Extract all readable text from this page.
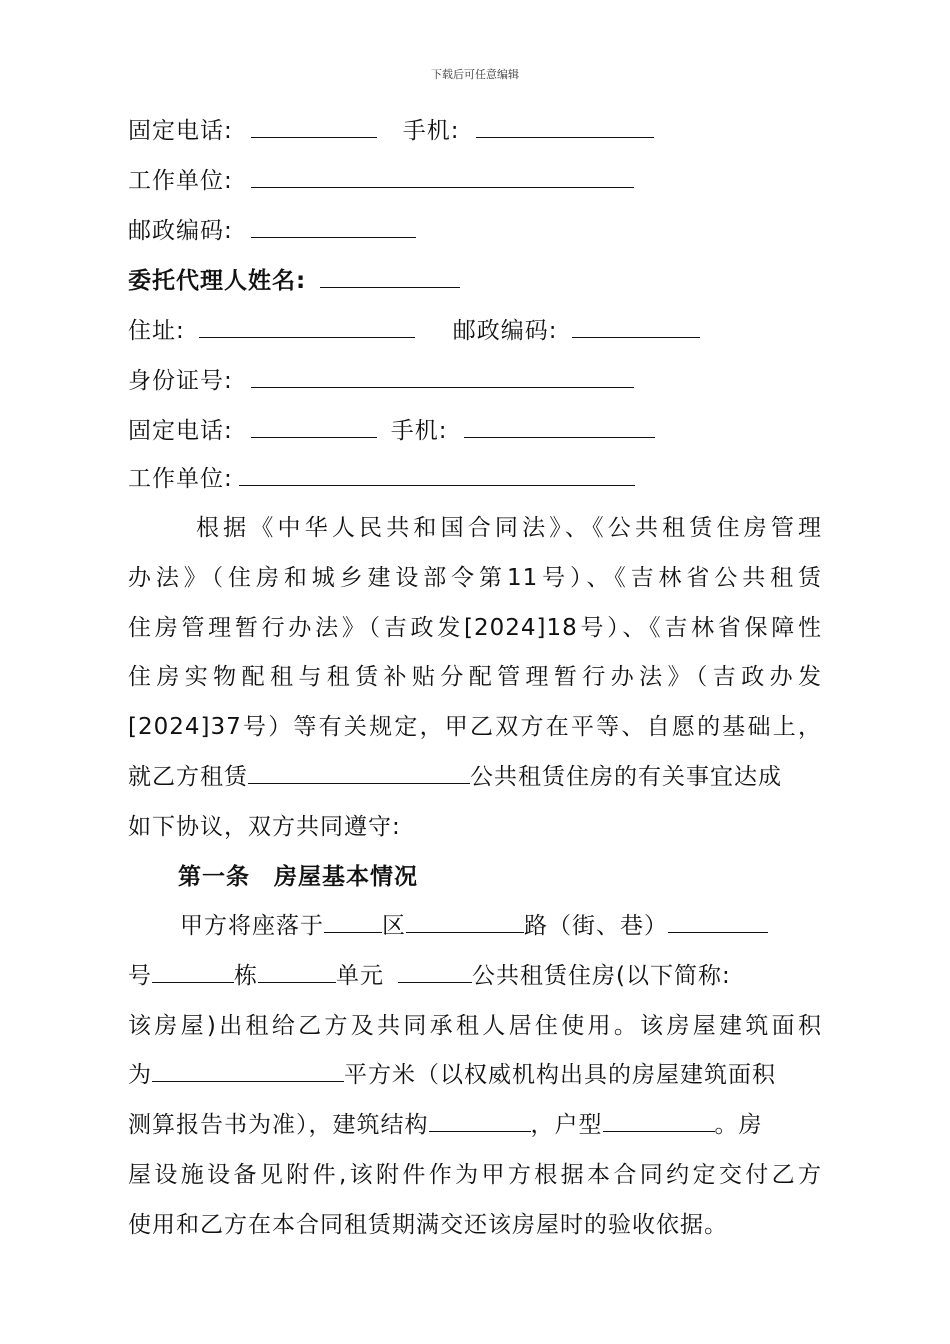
下载后可任意编辑
固定电话:	手机:
工作单位:
邮政编码:
委托代理人姓名:
住址:	邮政编码:
身份证号:
固定电话:	手机:
工作单位:
根据《中华人民共和国合同法》、《公共租赁住房管理
办法》（住房和城乡建设部令第11号）、《吉林省公共租赁
住房管理暂行办法》（吉政发[2024]18号）、《吉林省保障性
住房实物配租与租赁补贴分配管理暂行办法》（吉政办发
[2024]37号）等有关规定，甲乙双方在平等、自愿的基础上，
就乙方租赁	公共租赁住房的有关事宜达成
如下协议，双方共同遵守:
第一条　房屋基本情况
甲方将座落于	区	路（街、巷）
号	栋	单元	公共租赁住房(以下简称:
该房屋)出租给乙方及共同承租人居住使用。该房屋建筑面积
为	平方米（以权威机构出具的房屋建筑面积
测算报告书为准），建筑结构	，户型	。房
屋设施设备见附件,该附件作为甲方根据本合同约定交付乙方
使用和乙方在本合同租赁期满交还该房屋时的验收依据。
